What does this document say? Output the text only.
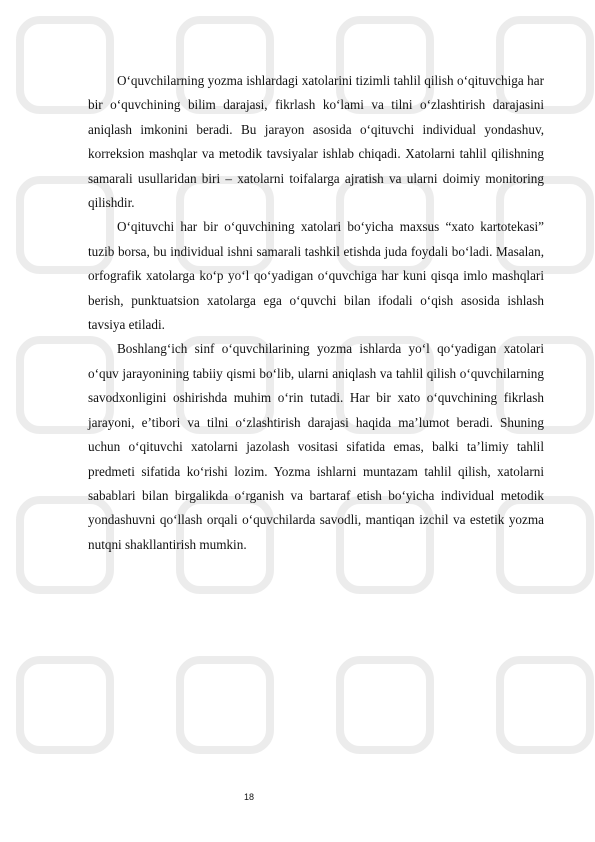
O‘quvchilarning yozma ishlardagi xatolarini tizimli tahlil qilish o‘qituvchiga har bir o‘quvchining bilim darajasi, fikrlash ko‘lami va tilni o‘zlashtirish darajasini aniqlash imkonini beradi. Bu jarayon asosida o‘qituvchi individual yondashuv, korreksion mashqlar va metodik tavsiyalar ishlab chiqadi. Xatolarni tahlil qilishning samarali usullaridan biri – xatolarni toifalarga ajratish va ularni doimiy monitoring qilishdir.

O‘qituvchi har bir o‘quvchining xatolari bo‘yicha maxsus “xato kartotekasi” tuzib borsa, bu individual ishni samarali tashkil etishda juda foydali bo‘ladi. Masalan, orfografik xatolarga ko‘p yo‘l qo‘yadigan o‘quvchiga har kuni qisqa imlo mashqlari berish, punktuatsion xatolarga ega o‘quvchi bilan ifodali o‘qish asosida ishlash tavsiya etiladi.

Boshlang‘ich sinf o‘quvchilarining yozma ishlarda yo‘l qo‘yadigan xatolari o‘quv jarayonining tabiiy qismi bo‘lib, ularni aniqlash va tahlil qilish o‘quvchilarning savodxonligini oshirishda muhim o‘rin tutadi. Har bir xato o‘quvchining fikrlash jarayoni, e’tibori va tilni o‘zlashtirish darajasi haqida ma’lumot beradi. Shuning uchun o‘qituvchi xatolarni jazolash vositasi sifatida emas, balki ta’limiy tahlil predmeti sifatida ko‘rishi lozim. Yozma ishlarni muntazam tahlil qilish, xatolarni sabablari bilan birgalikda o‘rganish va bartaraf etish bo‘yicha individual metodik yondashuvni qo‘llash orqali o‘quvchilarda savodli, mantiqan izchil va estetik yozma nutqni shakllantirish mumkin.

18
